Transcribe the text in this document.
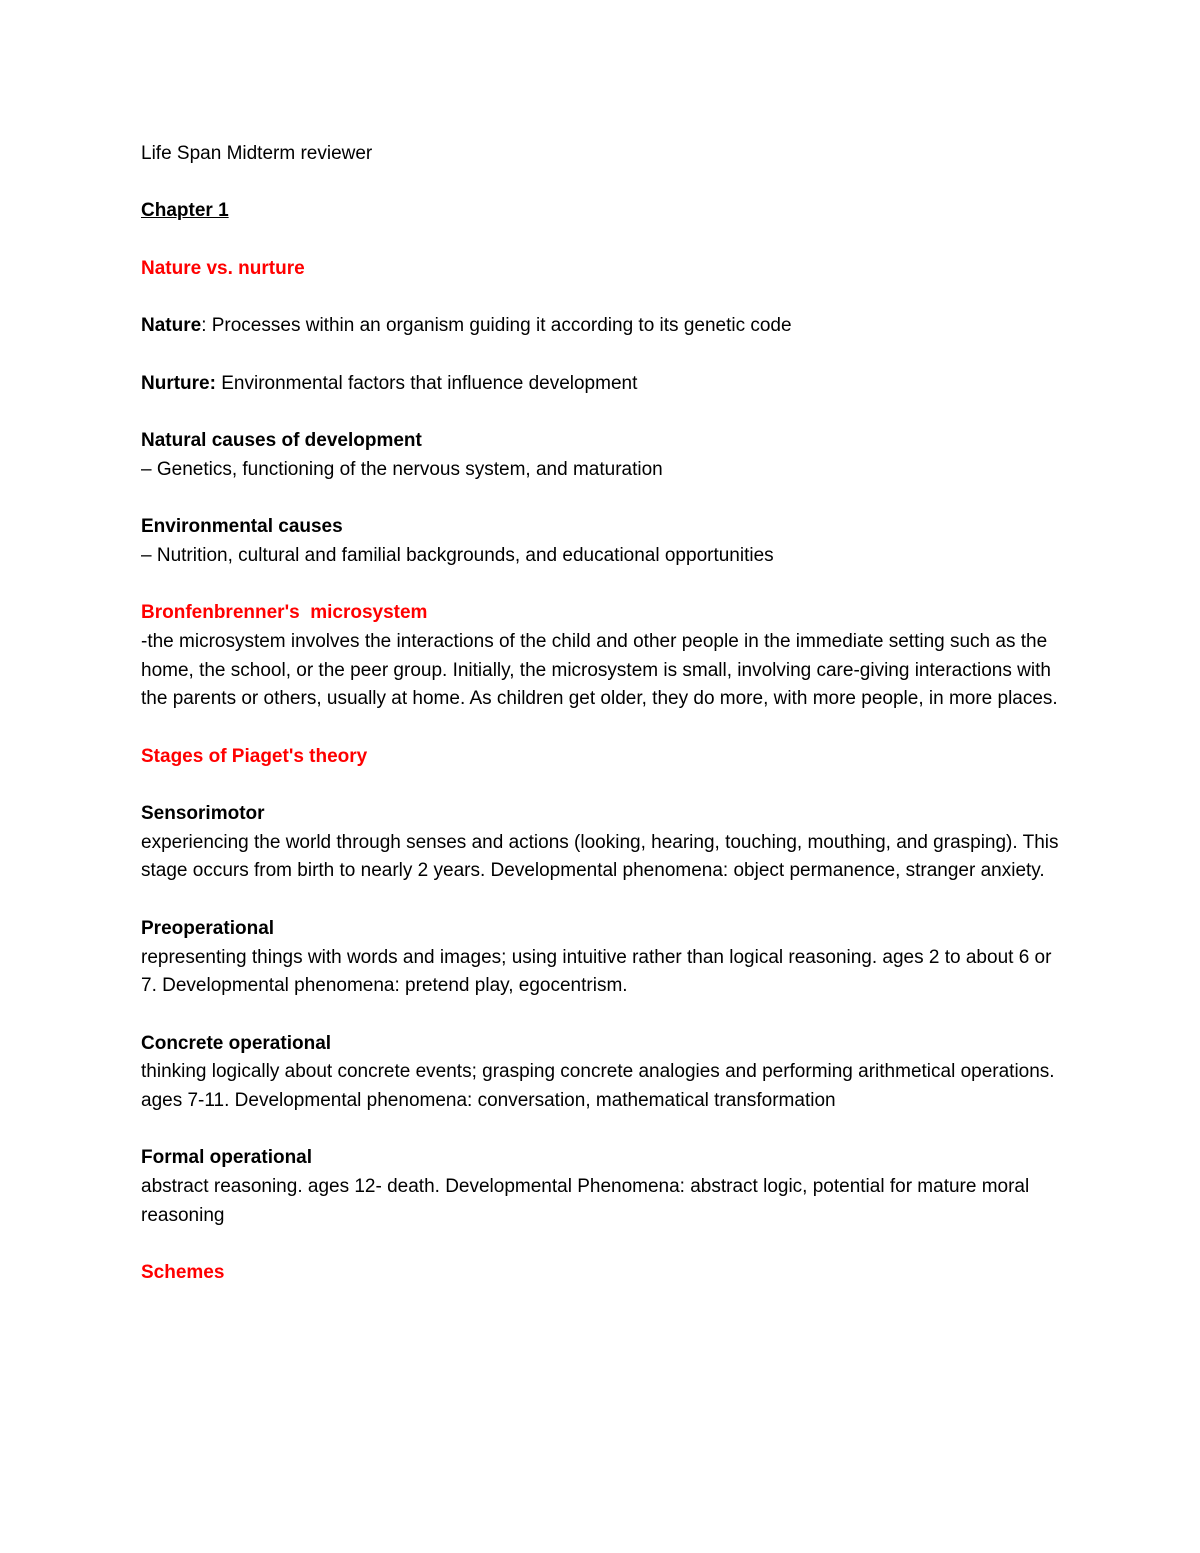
Life Span Midterm reviewer

Chapter 1

Nature vs. nurture

Nature: Processes within an organism guiding it according to its genetic code

Nurture: Environmental factors that influence development

Natural causes of development
– Genetics, functioning of the nervous system, and maturation
Environmental causes
– Nutrition, cultural and familial backgrounds, and educational opportunities
Bronfenbrenner's  microsystem
-the microsystem involves the interactions of the child and other people in the immediate setting such as the home, the school, or the peer group. Initially, the microsystem is small, involving care-giving interactions with the parents or others, usually at home. As children get older, they do more, with more people, in more places.

Stages of Piaget's theory

Sensorimotor
experiencing the world through senses and actions (looking, hearing, touching, mouthing, and grasping). This stage occurs from birth to nearly 2 years. Developmental phenomena: object permanence, stranger anxiety.
Preoperational
representing things with words and images; using intuitive rather than logical reasoning. ages 2 to about 6 or 7. Developmental phenomena: pretend play, egocentrism.
Concrete operational
thinking logically about concrete events; grasping concrete analogies and performing arithmetical operations. ages 7-11. Developmental phenomena: conversation, mathematical transformation
Formal operational
abstract reasoning. ages 12- death. Developmental Phenomena: abstract logic, potential for mature moral reasoning

Schemes
